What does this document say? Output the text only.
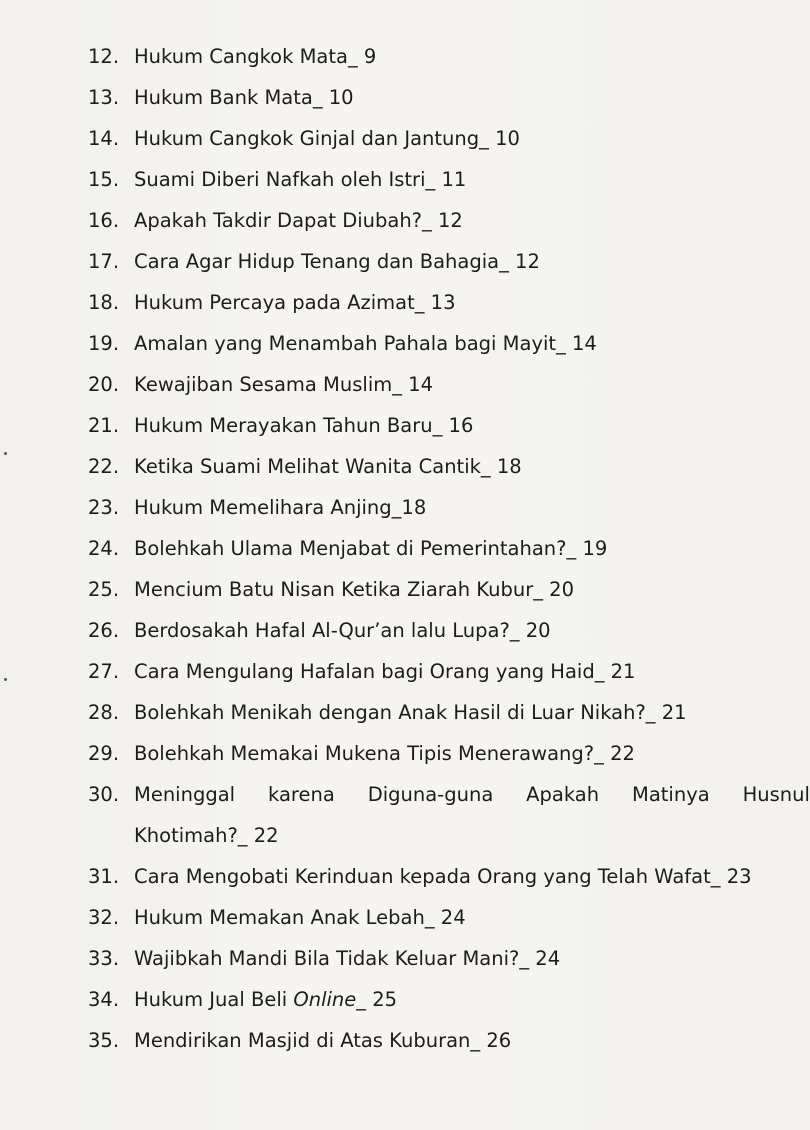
12. Hukum Cangkok Mata_ 9
13. Hukum Bank Mata_ 10
14. Hukum Cangkok Ginjal dan Jantung_ 10
15. Suami Diberi Nafkah oleh Istri_ 11
16. Apakah Takdir Dapat Diubah?_ 12
17. Cara Agar Hidup Tenang dan Bahagia_ 12
18. Hukum Percaya pada Azimat_ 13
19. Amalan yang Menambah Pahala bagi Mayit_ 14
20. Kewajiban Sesama Muslim_ 14
21. Hukum Merayakan Tahun Baru_ 16
22. Ketika Suami Melihat Wanita Cantik_ 18
23. Hukum Memelihara Anjing_18
24. Bolehkah Ulama Menjabat di Pemerintahan?_ 19
25. Mencium Batu Nisan Ketika Ziarah Kubur_ 20
26. Berdosakah Hafal Al-Qur’an lalu Lupa?_ 20
27. Cara Mengulang Hafalan bagi Orang yang Haid_ 21
28. Bolehkah Menikah dengan Anak Hasil di Luar Nikah?_ 21
29. Bolehkah Memakai Mukena Tipis Menerawang?_ 22
30. Meninggal karena Diguna-guna Apakah Matinya Husnul
Khotimah?_ 22
31. Cara Mengobati Kerinduan kepada Orang yang Telah Wafat_ 23
32. Hukum Memakan Anak Lebah_ 24
33. Wajibkah Mandi Bila Tidak Keluar Mani?_ 24
34. Hukum Jual Beli Online_ 25
35. Mendirikan Masjid di Atas Kuburan_ 26
